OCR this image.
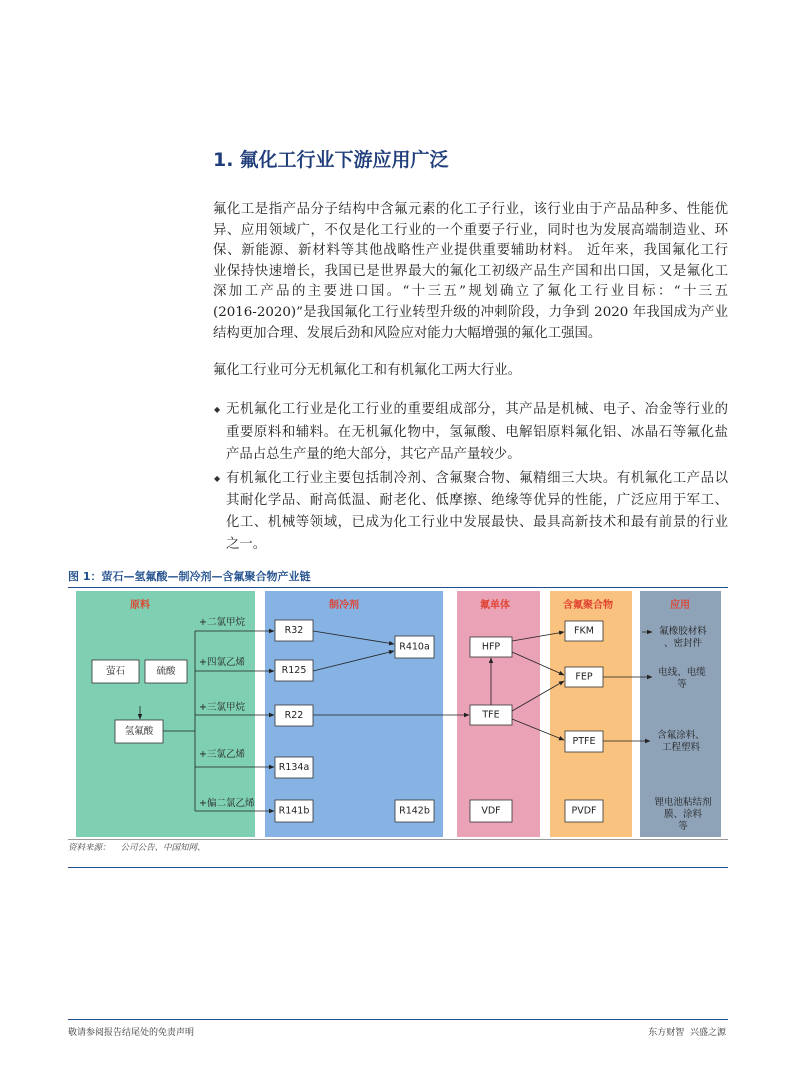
1. 氟化工行业下游应用广泛
氟化工是指产品分子结构中含氟元素的化工子行业，该行业由于产品品种多、性能优
异、应用领域广，不仅是化工行业的一个重要子行业，同时也为发展高端制造业、环
保、新能源、新材料等其他战略性产业提供重要辅助材料。 近年来，我国氟化工行
业保持快速增长，我国已是世界最大的氟化工初级产品生产国和出口国，又是氟化工
深加工产品的主要进口国。“十三五”规划确立了氟化工行业目标：“十三五
(2016-2020)”是我国氟化工行业转型升级的冲刺阶段，力争到 2020 年我国成为产业
结构更加合理、发展后劲和风险应对能力大幅增强的氟化工强国。
氟化工行业可分无机氟化工和有机氟化工两大行业。
◆ 无机氟化工行业是化工行业的重要组成部分，其产品是机械、电子、冶金等行业的
重要原料和辅料。在无机氟化物中，氢氟酸、电解铝原料氟化铝、冰晶石等氟化盐
产品占总生产量的绝大部分，其它产品产量较少。
◆ 有机氟化工行业主要包括制冷剂、含氟聚合物、氟精细三大块。有机氟化工产品以
其耐化学品、耐高低温、耐老化、低摩擦、绝缘等优异的性能，广泛应用于军工、
化工、机械等领域，已成为化工行业中发展最快、最具高新技术和最有前景的行业
之一。
图 1：萤石—氢氟酸—制冷剂—含氟聚合物产业链
原料	制冷剂	氟单体	含氟聚合物	应用
萤石	硫酸
氢氟酸
+二氯甲烷
+四氯乙烯
+三氯甲烷
+三氯乙烯
+偏二氯乙烯
R32
R125
R22
R134a
R141b
R410a
R142b
HFP
TFE
VDF
FKM
FEP
PTFE
PVDF
氟橡胶材料
、密封件
电线、电缆
等
含氟涂料、
工程塑料
锂电池粘结剂
膜、涂料
等
资料来源： 公司公告、中国知网、
敬请参阅报告结尾处的免责声明	东方财智  兴盛之源
